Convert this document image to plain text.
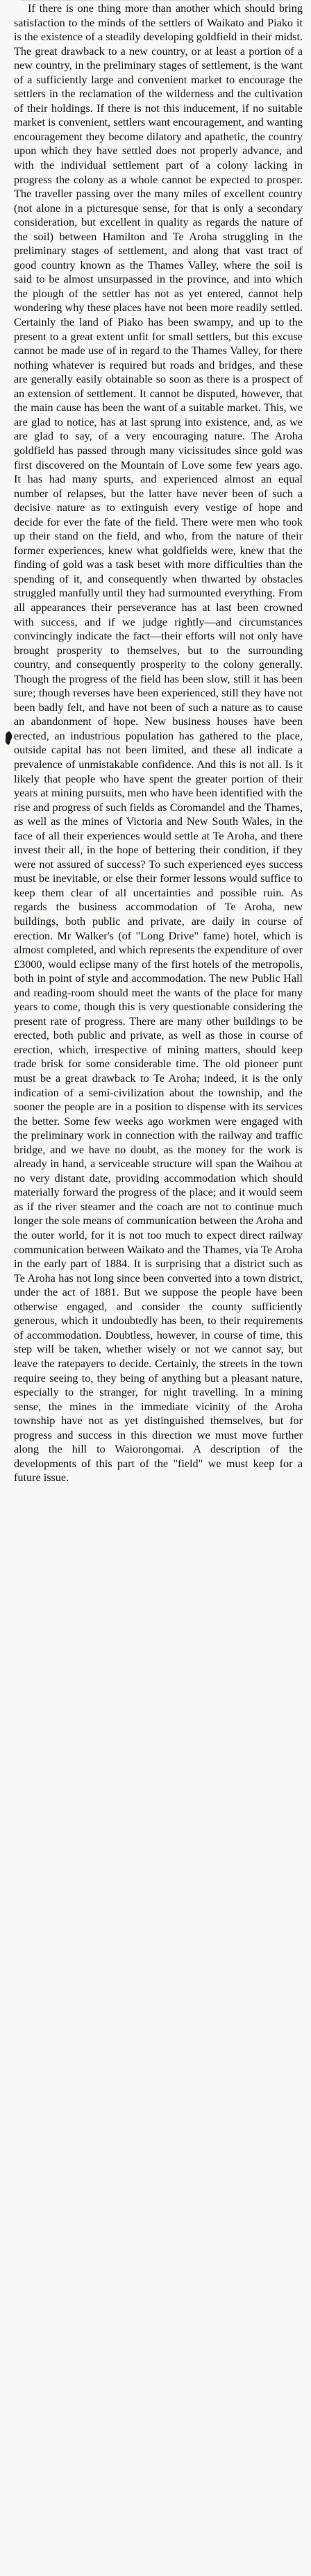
If there is one thing more than another which should bring satisfaction to the minds of the settlers of Waikato and Piako it is the existence of a steadily developing goldfield in their midst. The great drawback to a new country, or at least a portion of a new country, in the preliminary stages of settlement, is the want of a sufficiently large and convenient market to encourage the settlers in the reclamation of the wilderness and the cultivation of their holdings. If there is not this inducement, if no suitable market is convenient, settlers want encouragement, and wanting encouragement they become dilatory and apathetic, the country upon which they have settled does not properly advance, and with the individual settlement part of a colony lacking in progress the colony as a whole cannot be expected to prosper. The traveller passing over the many miles of excellent country (not alone in a picturesque sense, for that is only a secondary consideration, but excellent in quality as regards the nature of the soil) between Hamilton and Te Aroha struggling in the preliminary stages of settlement, and along that vast tract of good country known as the Thames Valley, where the soil is said to be almost unsurpassed in the province, and into which the plough of the settler has not as yet entered, cannot help wondering why these places have not been more readily settled. Certainly the land of Piako has been swampy, and up to the present to a great extent unfit for small settlers, but this excuse cannot be made use of in regard to the Thames Valley, for there nothing whatever is required but roads and bridges, and these are generally easily obtainable so soon as there is a prospect of an extension of settlement. It cannot be disputed, however, that the main cause has been the want of a suitable market. This, we are glad to notice, has at last sprung into existence, and, as we are glad to say, of a very encouraging nature. The Aroha goldfield has passed through many vicissitudes since gold was first discovered on the Mountain of Love some few years ago. It has had many spurts, and experienced almost an equal number of relapses, but the latter have never been of such a decisive nature as to extinguish every vestige of hope and decide for ever the fate of the field. There were men who took up their stand on the field, and who, from the nature of their former experiences, knew what goldfields were, knew that the finding of gold was a task beset with more difficulties than the spending of it, and consequently when thwarted by obstacles struggled manfully until they had surmounted everything. From all appearances their perseverance has at last been crowned with success, and if we judge rightly—and circumstances convincingly indicate the fact—their efforts will not only have brought prosperity to themselves, but to the surrounding country, and consequently prosperity to the colony generally. Though the progress of the field has been slow, still it has been sure; though reverses have been experienced, still they have not been badly felt, and have not been of such a nature as to cause an abandonment of hope. New business houses have been erected, an industrious population has gathered to the place, outside capital has not been limited, and these all indicate a prevalence of unmistakable confidence. And this is not all. Is it likely that people who have spent the greater portion of their years at mining pursuits, men who have been identified with the rise and progress of such fields as Coromandel and the Thames, as well as the mines of Victoria and New South Wales, in the face of all their experiences would settle at Te Aroha, and there invest their all, in the hope of bettering their condition, if they were not assured of success? To such experienced eyes success must be inevitable, or else their former lessons would suffice to keep them clear of all uncertainties and possible ruin. As regards the business accommodation of Te Aroha, new buildings, both public and private, are daily in course of erection. Mr Walker's (of "Long Drive" fame) hotel, which is almost completed, and which represents the expenditure of over £3000, would eclipse many of the first hotels of the metropolis, both in point of style and accommodation. The new Public Hall and reading-room should meet the wants of the place for many years to come, though this is very questionable considering the present rate of progress. There are many other buildings to be erected, both public and private, as well as those in course of erection, which, irrespective of mining matters, should keep trade brisk for some considerable time. The old pioneer punt must be a great drawback to Te Aroha; indeed, it is the only indication of a semi-civilization about the township, and the sooner the people are in a position to dispense with its services the better. Some few weeks ago workmen were engaged with the preliminary work in connection with the railway and traffic bridge, and we have no doubt, as the money for the work is already in hand, a serviceable structure will span the Waihou at no very distant date, providing accommodation which should materially forward the progress of the place; and it would seem as if the river steamer and the coach are not to continue much longer the sole means of communication between the Aroha and the outer world, for it is not too much to expect direct railway communication between Waikato and the Thames, via Te Aroha in the early part of 1884. It is surprising that a district such as Te Aroha has not long since been converted into a town district, under the act of 1881. But we suppose the people have been otherwise engaged, and consider the county sufficiently generous, which it undoubtedly has been, to their requirements of accommodation. Doubtless, however, in course of time, this step will be taken, whether wisely or not we cannot say, but leave the ratepayers to decide. Certainly, the streets in the town require seeing to, they being of anything but a pleasant nature, especially to the stranger, for night travelling. In a mining sense, the mines in the immediate vicinity of the Aroha township have not as yet distinguished themselves, but for progress and success in this direction we must move further along the hill to Waiorongomai. A description of the developments of this part of the "field" we must keep for a future issue.
